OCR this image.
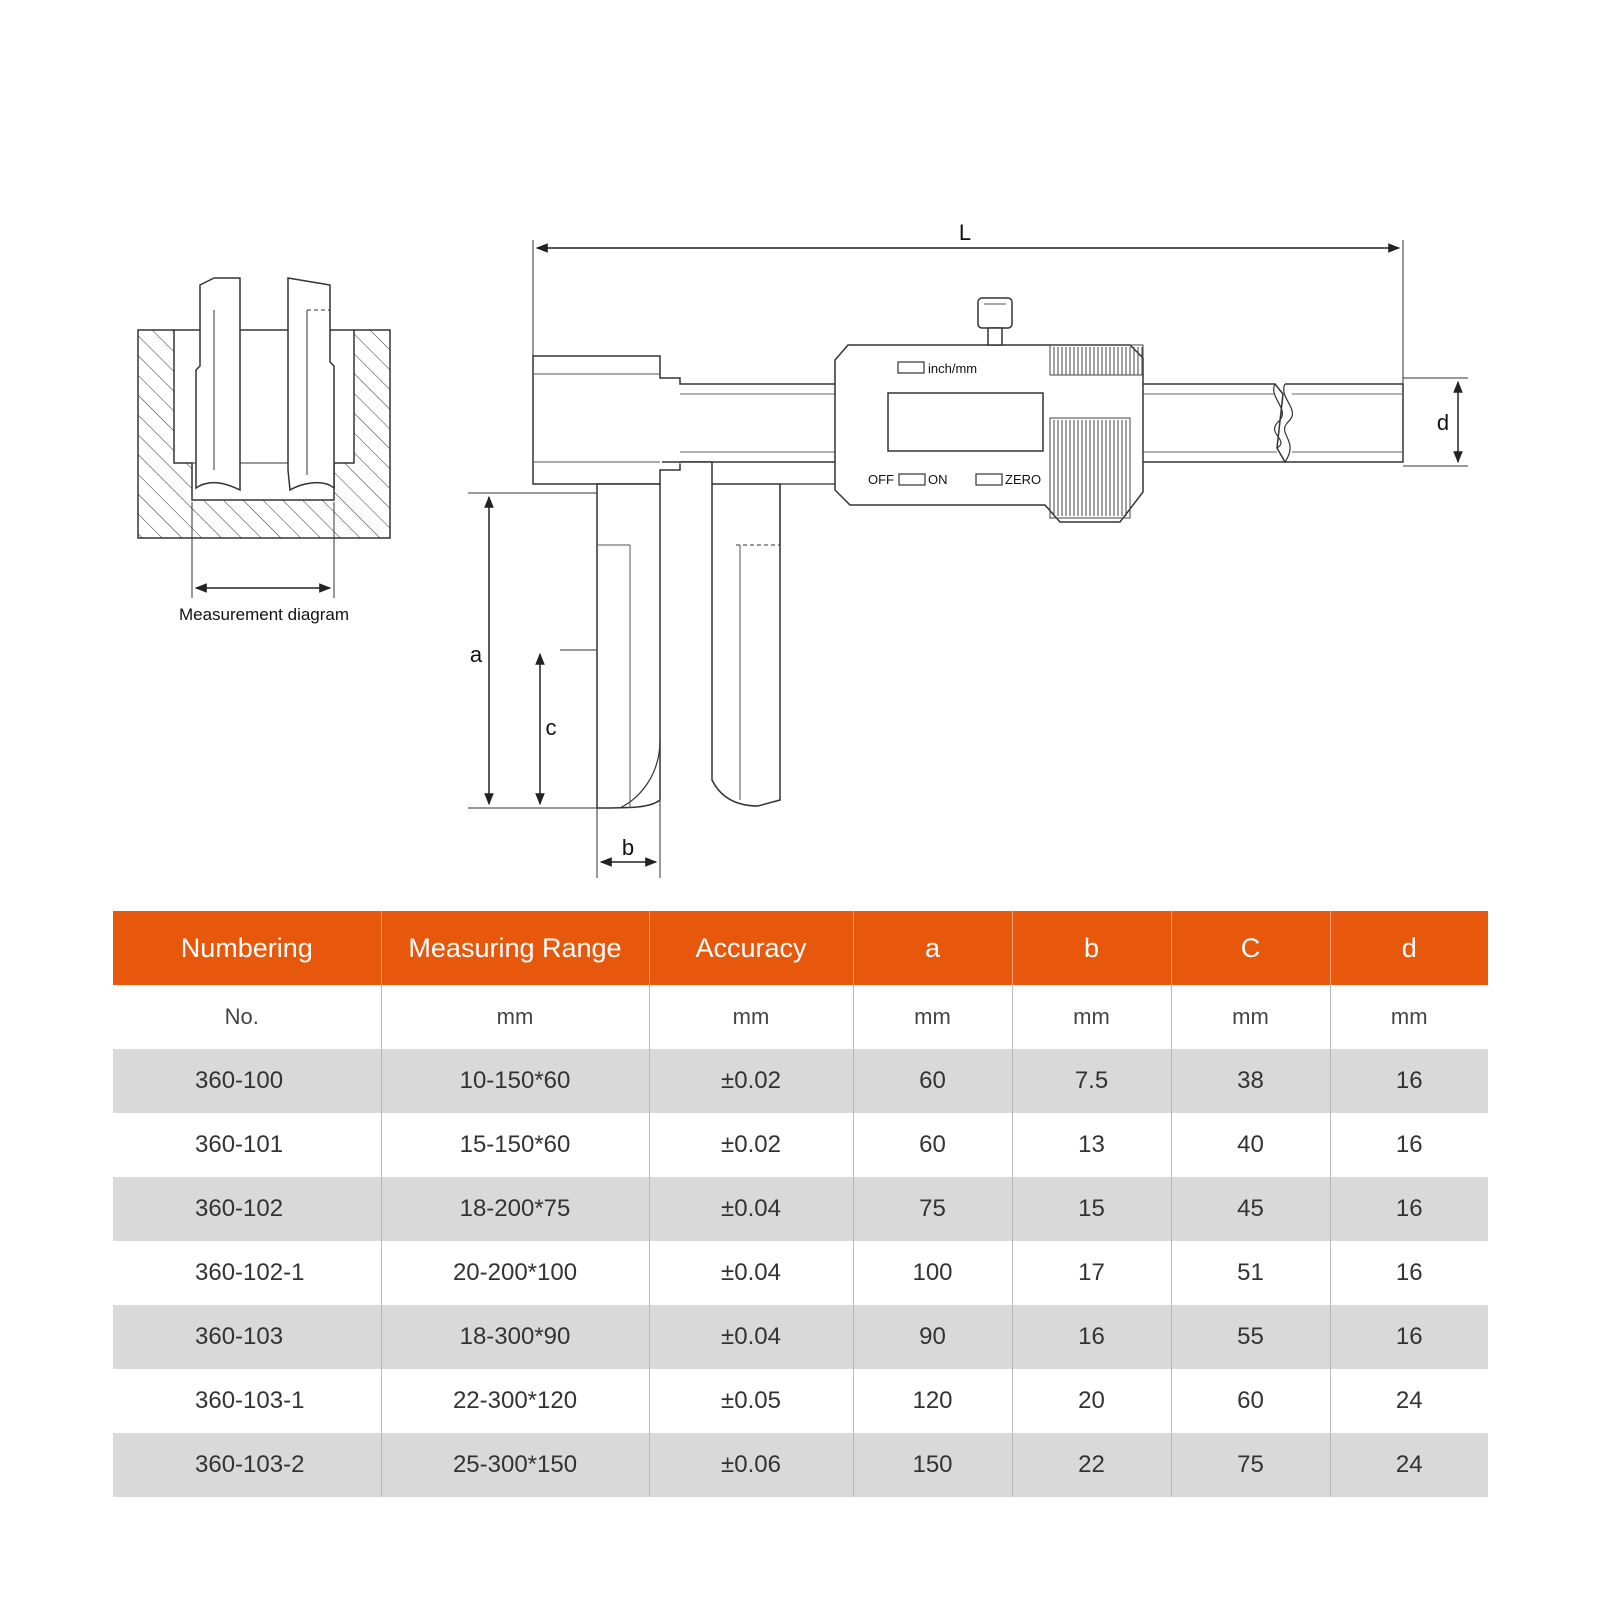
Measurement diagram
L
d
inch/mm
OFF	ON	ZERO
a
c
b
Numbering	Measuring Range	Accuracy	a	b	C	d
No.	mm	mm	mm	mm	mm	mm
360-100	10-150*60	±0.02	60	7.5	38	16
360-101	15-150*60	±0.02	60	13	40	16
360-102	18-200*75	±0.04	75	15	45	16
360-102-1	20-200*100	±0.04	100	17	51	16
360-103	18-300*90	±0.04	90	16	55	16
360-103-1	22-300*120	±0.05	120	20	60	24
360-103-2	25-300*150	±0.06	150	22	75	24
